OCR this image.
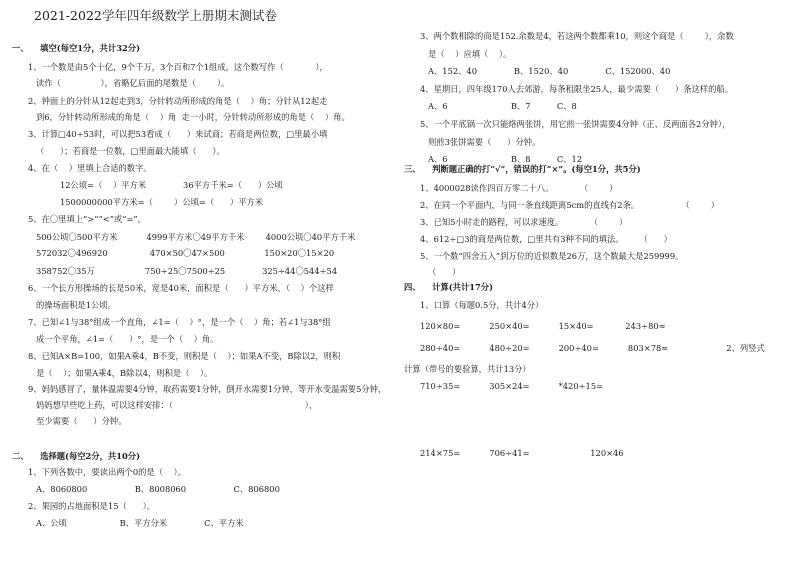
2021-2022学年四年级数学上册期末测试卷
一、    填空(每空1分，共计32分)
1、一个数是由5个十亿，9个千万，3个百和7个1组成，这个数写作（            ），
读作（               ），省略亿后面的尾数是（        ）。
2、钟面上的分针从12起走到3，分针转动所形成的角是（    ）角；分针从12起走
到6，分针转动所形成的角是（    ）角  走一小时，分针转动所形成的角是（    ）角。
3、计算□40÷53时，可以把53看成（      ）来试商；若商是两位数，□里最小填
（      ）；若商是一位数，□里面最大能填（      ）。
4、在（    ）里填上合适的数字。
12公顷=（    ）平方米              36平方千米=（      ）公顷
1500000000平方米=（        ）公顷=（      ）平方米
5、在〇里填上“>”“<”或“=”。
500公顷〇500平方米           4999平方米〇49平方千米        4000公顷〇40平方千米
572032〇496920                470×50〇47×500               150×20〇15×20
358752〇35万                   750÷25〇7500÷25              325÷44〇544÷54
6、一个长方形操场的长是50米，宽是40米，面积是（      ）平方米，（    ）个这样
的操场面积是1公顷。
7、已知∠1与38°组成一个直角，∠1=（    ）°，是一个（    ）角；若∠1与38°组
成一个平角，∠1=（      ）°，是一个（    ）角。
8、已知A×B=100，如果A乘4，B不变，则积是（    ）；如果A不变，B除以2，则积
是（    ）；如果A乘4，B除以4，则积是（    ）。
9、妈妈感冒了，量体温需要4分钟，取药需要1分钟，倒开水需要1分钟，等开水变温需要5分钟，
妈妈想早些吃上药，可以这样安排：（                                                  ），
至少需要（      ）分钟。
二、    选择题(每空2分，共10分)
1、下列各数中，要读出两个0的是（    ）。
A、8060800                  B、8008060                  C、806800
2、果园的占地面积是15（      ）。
A、公顷                    B、平方分米              C、平方米
3、两个数相除的商是152.余数是4，若这两个数都乘10，则这个商是（        ），余数
是（    ）应填（    ）。
A、152、40              B、1520、40              C、152000、40
4、星期日，四年级170人去郊游，每条租限坐25人，最少需要（      ）条这样的船。
A、6                        B、7          C、8
5、一个平底锅一次只能烙两张饼，用它煎一张饼需要4分钟（正、反两面各2分钟），
则煎3张饼需要（      ）分钟。
A、6                        B、8          C、12
三、    判断题正确的打“√”，错误的打“×”。(每空1分，共5分)
1、4000028读作四百万零二十八。          （        ）
2、在同一个平面内，与同一条直线距离5cm的直线有2条。                （        ）
3、已知5小时走的路程，可以求速度。          （        ）
4、612÷□3的商是两位数，□里共有3种不同的填法。      （      ）
5、一个数“四舍五入”到万位的近似数是26万，这个数最大是259999。
（      ）
四、    计算(共计17分)
1、口算（每题0.5分，共计4分）
120×80=           250×40=           15×40=            243÷80≈
280÷40=           480÷20=           200÷40=           803×78≈                      2、列竖式
计算（带号的要验算，共计13分）
710÷35=           305×24=           *420÷15=
214×75=           706÷41=                       120×46
